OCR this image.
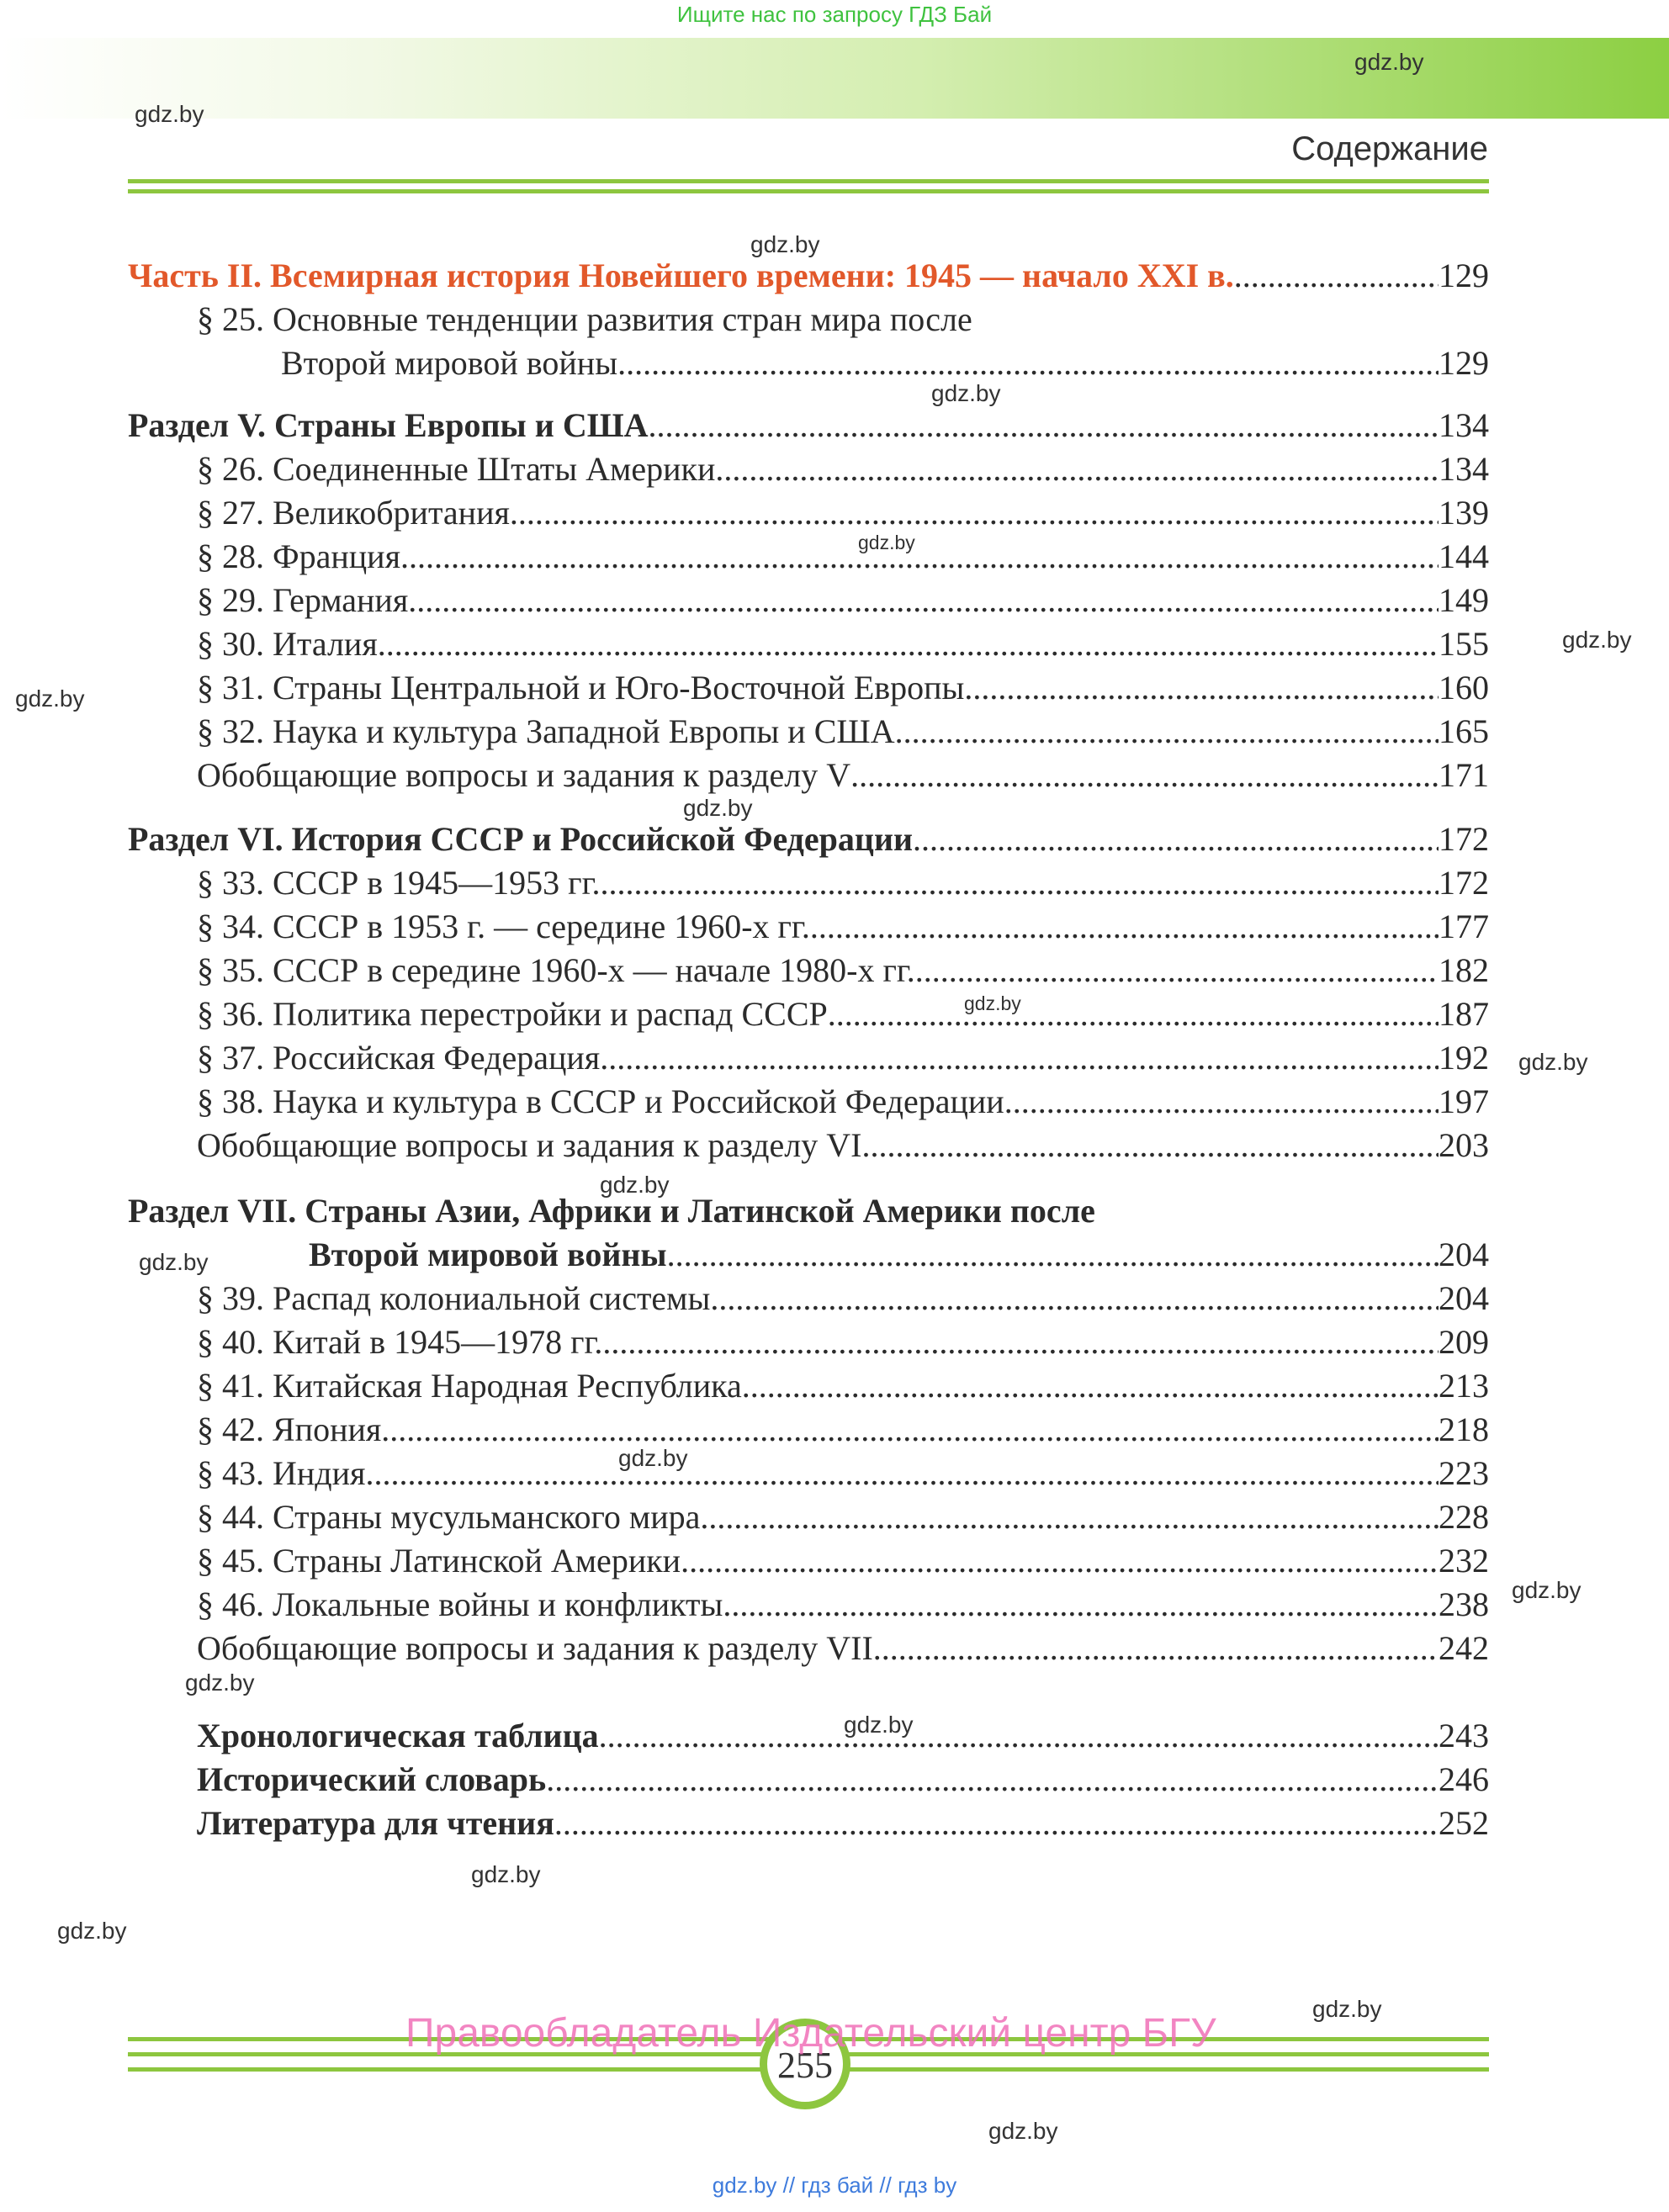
Ищите нас по запросу ГДЗ Бай
gdz.by
gdz.by
Содержание
gdz.by
gdz.by
gdz.by
gdz.by
gdz.by
gdz.by
gdz.by
gdz.by
gdz.by
gdz.by
gdz.by
gdz.by
gdz.by
gdz.by
gdz.by
gdz.by
gdz.by
gdz.by
Часть II. Всемирная история Новейшего времени: 1945 — начало XXI в. .....	129
§ 25. Основные тенденции развития стран мира после
Второй мировой войны .....	129
Раздел V. Страны Европы и США .....	134
§ 26. Соединенные Штаты Америки .....	134
§ 27. Великобритания .....	139
§ 28. Франция .....	144
§ 29. Германия .....	149
§ 30. Италия .....	155
§ 31. Страны Центральной и Юго-Восточной Европы .....	160
§ 32. Наука и культура Западной Европы и США .....	165
Обобщающие вопросы и задания к разделу V .....	171
Раздел VI. История СССР и Российской Федерации .....	172
§ 33. СССР в 1945—1953 гг. .....	172
§ 34. СССР в 1953 г. — середине 1960-х гг. .....	177
§ 35. СССР в середине 1960-х — начале 1980-х гг. .....	182
§ 36. Политика перестройки и распад СССР .....	187
§ 37. Российская Федерация .....	192
§ 38. Наука и культура в СССР и Российской Федерации .....	197
Обобщающие вопросы и задания к разделу VI .....	203
Раздел VII. Страны Азии, Африки и Латинской Америки после
Второй мировой войны .....	204
§ 39. Распад колониальной системы .....	204
§ 40. Китай в 1945—1978 гг. .....	209
§ 41. Китайская Народная Республика .....	213
§ 42. Япония .....	218
§ 43. Индия .....	223
§ 44. Страны мусульманского мира .....	228
§ 45. Страны Латинской Америки .....	232
§ 46. Локальные войны и конфликты .....	238
Обобщающие вопросы и задания к разделу VII .....	242
Хронологическая таблица .....	243
Исторический словарь .....	246
Литература для чтения .....	252
255
Правообладатель Издательский центр БГУ
gdz.by // гдз бай // гдз by
